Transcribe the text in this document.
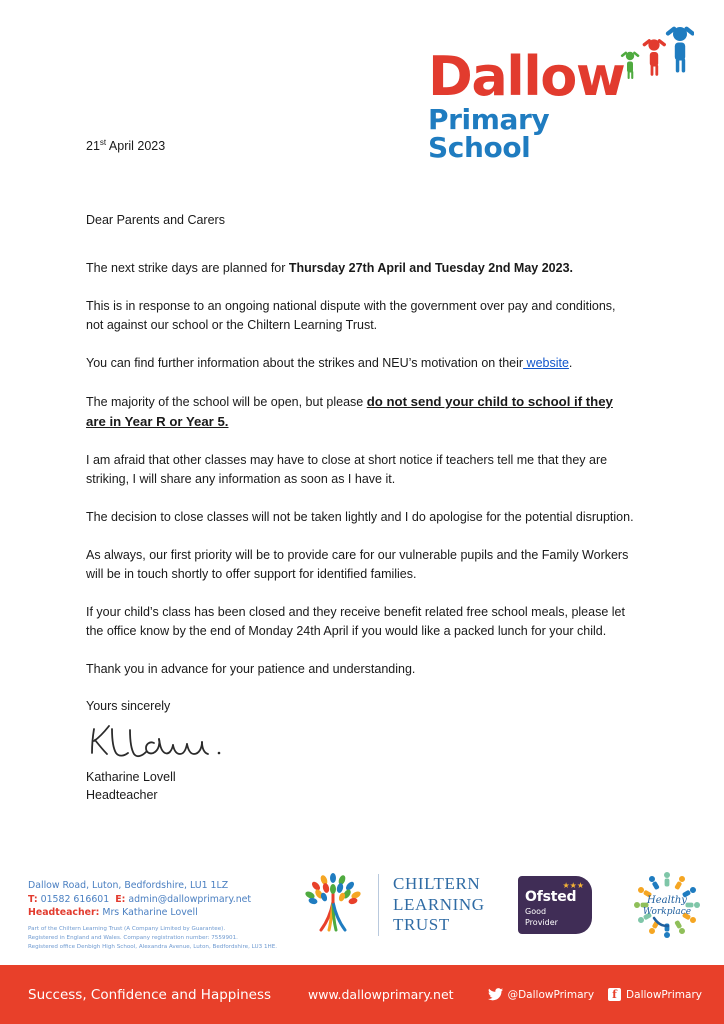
Dallow
Primary School

21st April 2023

Dear Parents and Carers

The next strike days are planned for Thursday 27th April and Tuesday 2nd May 2023.

This is in response to an ongoing national dispute with the government over pay and conditions, not against our school or the Chiltern Learning Trust.

You can find further information about the strikes and NEU’s motivation on their website.

The majority of the school will be open, but please do not send your child to school if they are in Year R or Year 5.

I am afraid that other classes may have to close at short notice if teachers tell me that they are striking, I will share any information as soon as I have it.

The decision to close classes will not be taken lightly and I do apologise for the potential disruption.

As always, our first priority will be to provide care for our vulnerable pupils and the Family Workers will be in touch shortly to offer support for identified families.

If your child’s class has been closed and they receive benefit related free school meals, please let the office know by the end of Monday 24th April if you would like a packed lunch for your child.

Thank you in advance for your patience and understanding.

Yours sincerely

Katharine Lovell
Headteacher
Dallow Road, Luton, Bedfordshire, LU1 1LZ
T: 01582 616601 E: admin@dallowprimary.net
Headteacher: Mrs Katharine Lovell
Part of the Chiltern Learning Trust (A Company Limited by Guarantee).
Registered in England and Wales. Company registration number: 7559901.
Registered office Denbigh High School, Alexandra Avenue, Luton, Bedfordshire, LU3 1HE.
CHILTERN
LEARNING
TRUST
★★★
Ofsted
Good
Provider
Healthy
Workplace
Success, Confidence and Happiness	www.dallowprimary.net	@DallowPrimary	f DallowPrimary
